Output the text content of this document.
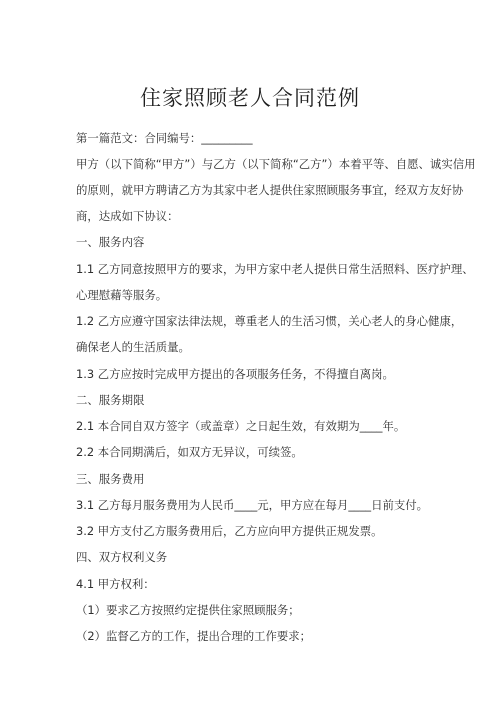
住家照顾老人合同范例
第一篇范文：合同编号：_________
甲方（以下简称“甲方”）与乙方（以下简称“乙方”）本着平等、自愿、诚实信用
的原则，就甲方聘请乙方为其家中老人提供住家照顾服务事宜，经双方友好协
商，达成如下协议：
一、服务内容
1.1 乙方同意按照甲方的要求，为甲方家中老人提供日常生活照料、医疗护理、
心理慰藉等服务。
1.2 乙方应遵守国家法律法规，尊重老人的生活习惯，关心老人的身心健康，
确保老人的生活质量。
1.3 乙方应按时完成甲方提出的各项服务任务，不得擅自离岗。
二、服务期限
2.1 本合同自双方签字（或盖章）之日起生效，有效期为____年。
2.2 本合同期满后，如双方无异议，可续签。
三、服务费用
3.1 乙方每月服务费用为人民币____元，甲方应在每月____日前支付。
3.2 甲方支付乙方服务费用后，乙方应向甲方提供正规发票。
四、双方权利义务
4.1 甲方权利：
（1）要求乙方按照约定提供住家照顾服务；
（2）监督乙方的工作，提出合理的工作要求；
